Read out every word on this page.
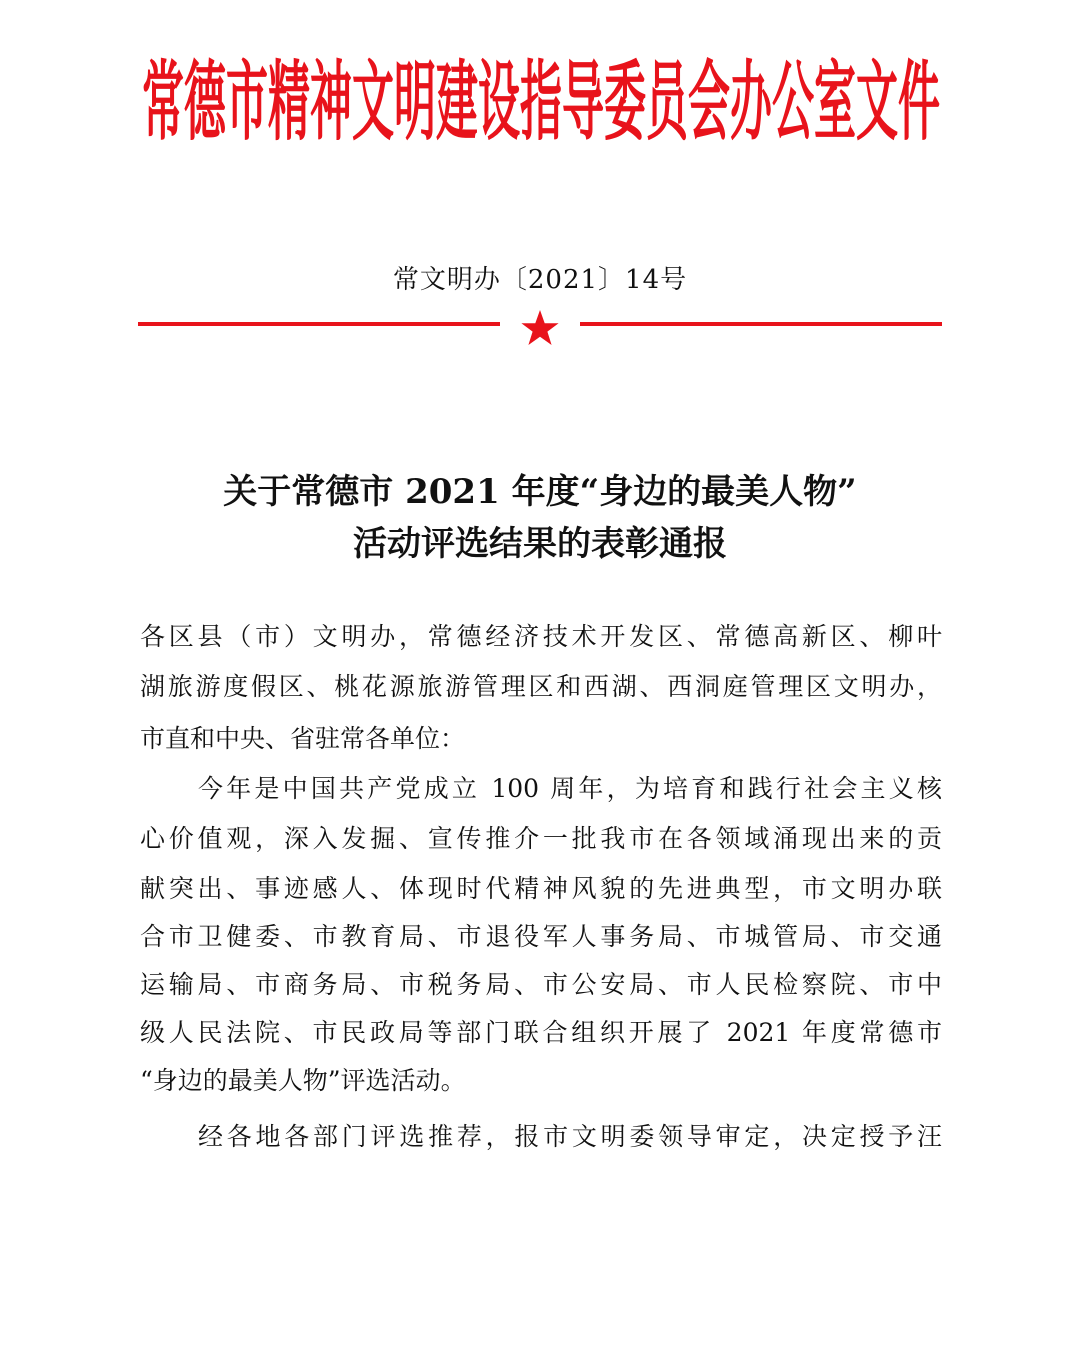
常德市精神文明建设指导委员会办公室文件
常文明办〔2021〕14号
关于常德市 2021 年度“身边的最美人物”
活动评选结果的表彰通报
各区县（市）文明办，常德经济技术开发区、常德高新区、柳叶
湖旅游度假区、桃花源旅游管理区和西湖、西洞庭管理区文明办，
市直和中央、省驻常各单位：
今年是中国共产党成立 100 周年，为培育和践行社会主义核
心价值观，深入发掘、宣传推介一批我市在各领域涌现出来的贡
献突出、事迹感人、体现时代精神风貌的先进典型，市文明办联
合市卫健委、市教育局、市退役军人事务局、市城管局、市交通
运输局、市商务局、市税务局、市公安局、市人民检察院、市中
级人民法院、市民政局等部门联合组织开展了 2021 年度常德市
“身边的最美人物”评选活动。
经各地各部门评选推荐，报市文明委领导审定，决定授予汪
